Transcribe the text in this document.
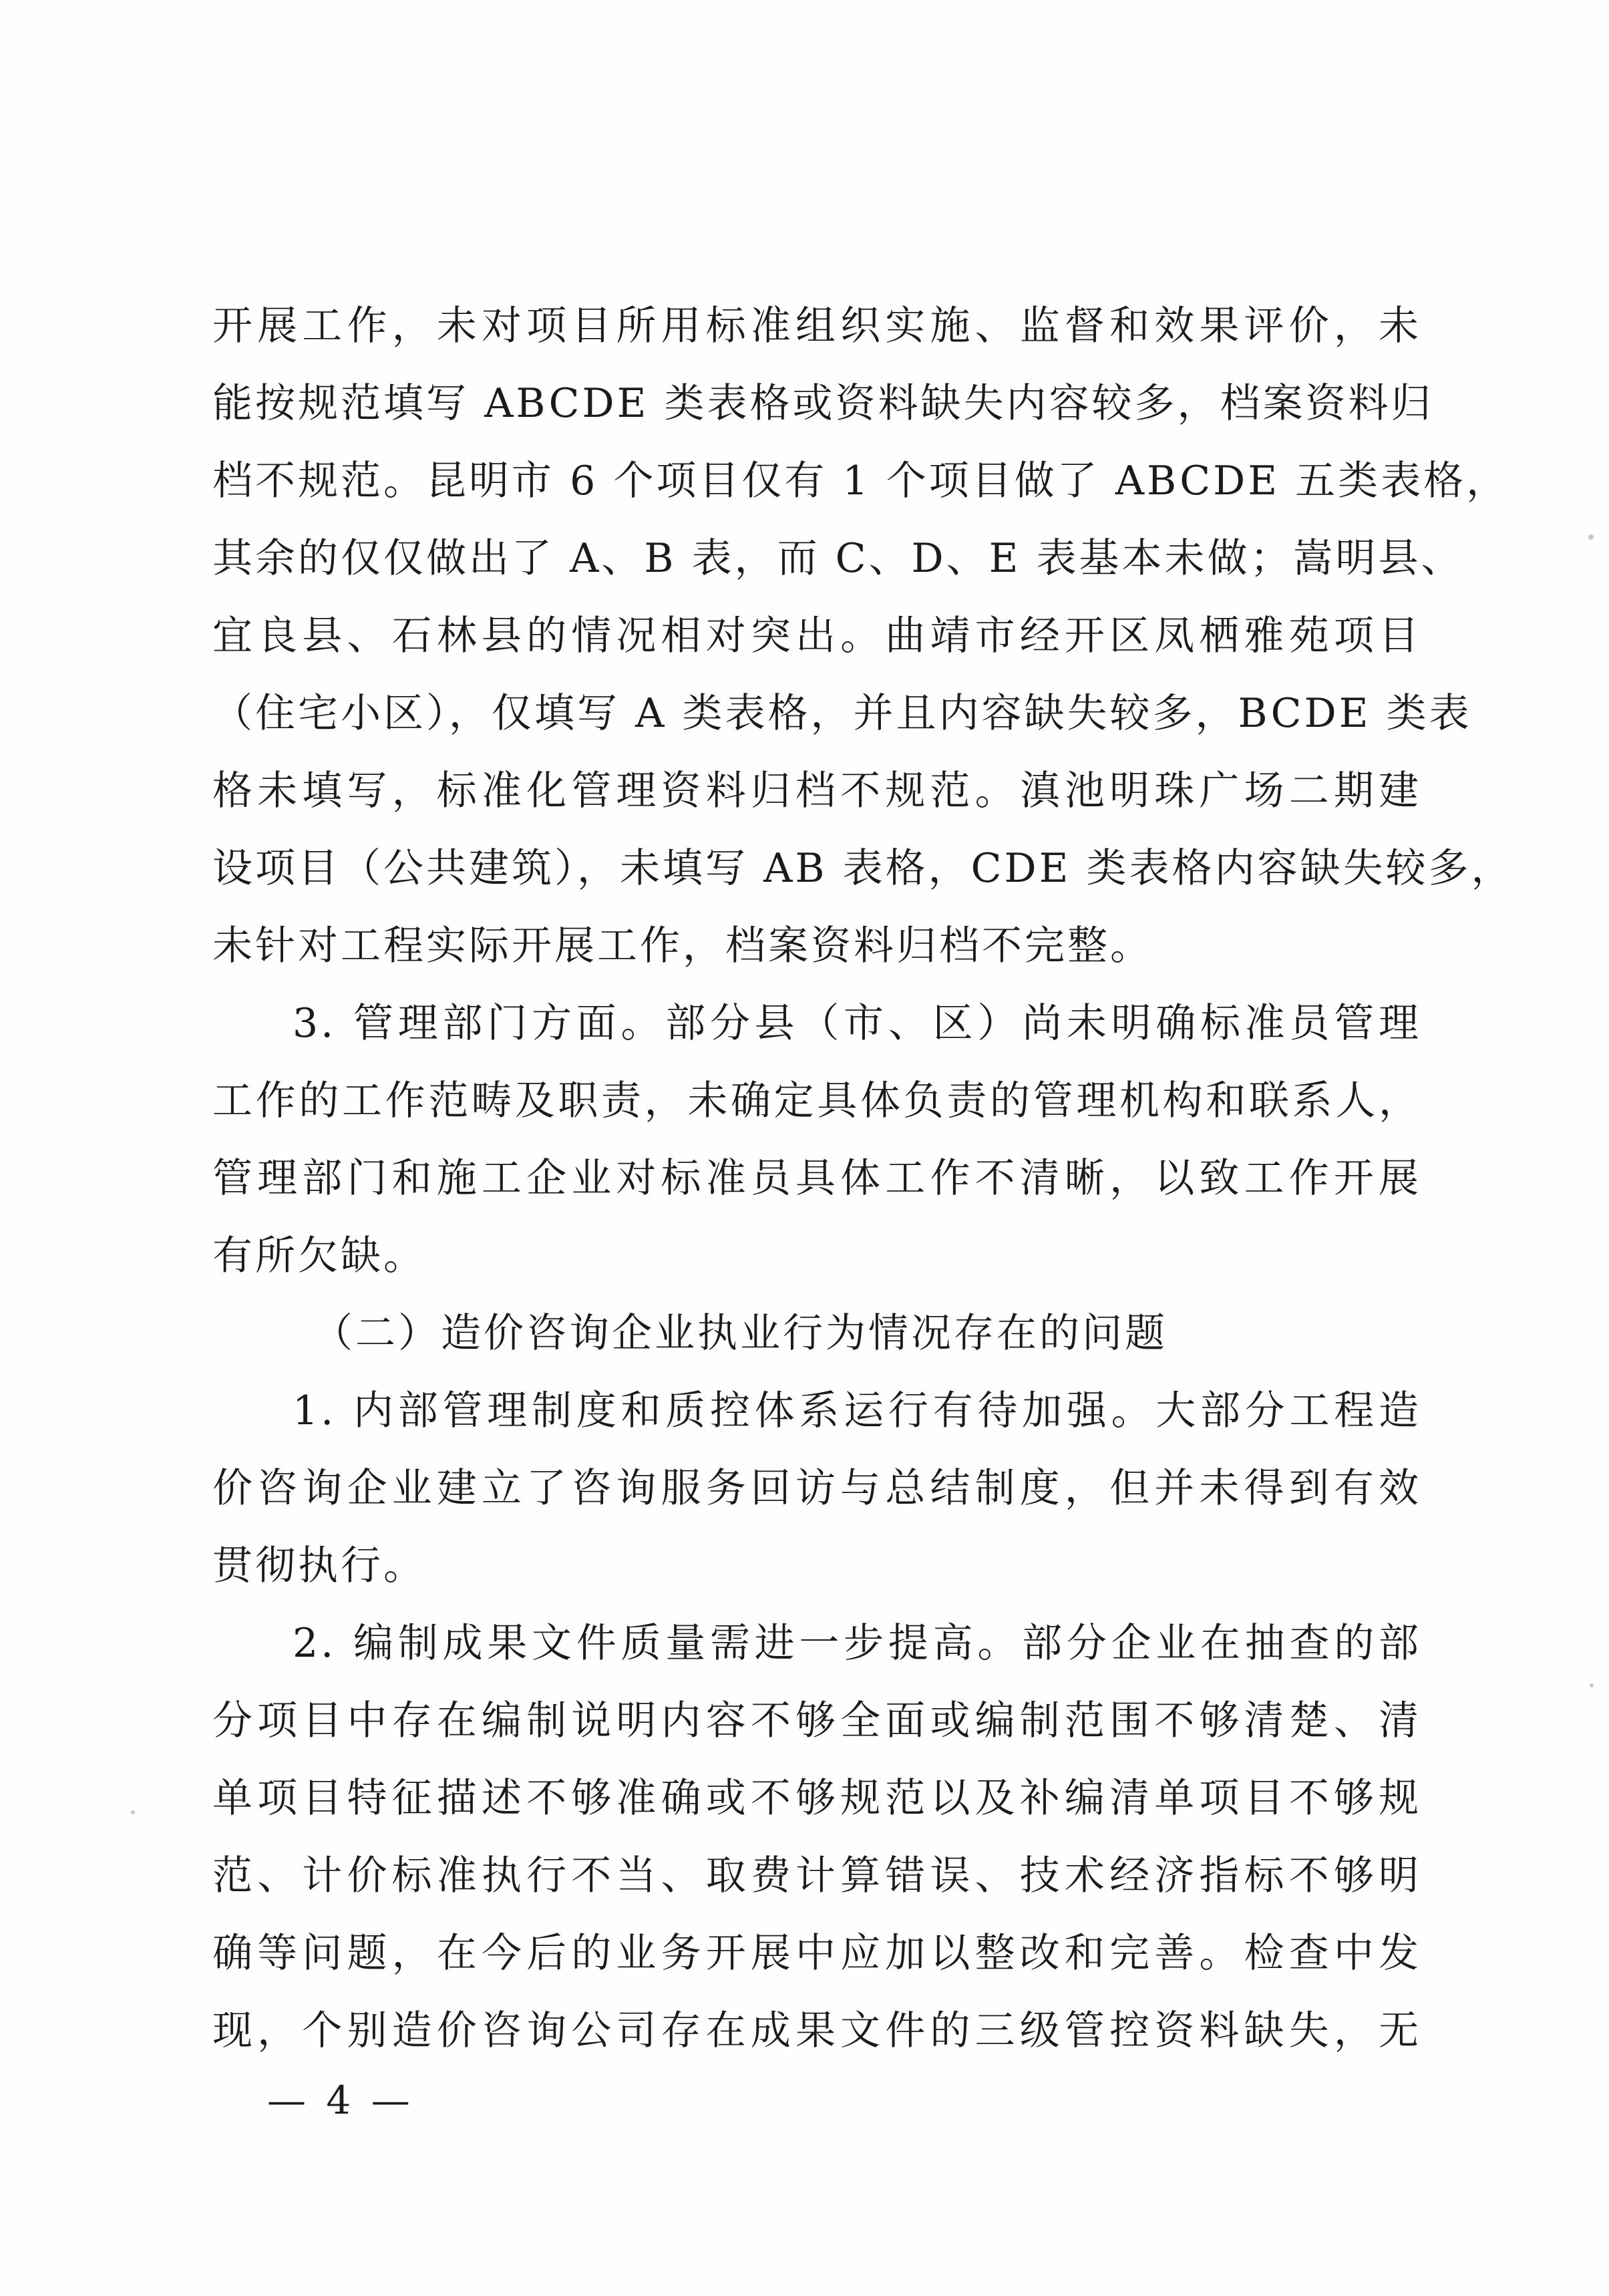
开展工作，未对项目所用标准组织实施、监督和效果评价，未
能按规范填写 ABCDE 类表格或资料缺失内容较多，档案资料归
档不规范。昆明市 6 个项目仅有 1 个项目做了 ABCDE 五类表格，
其余的仅仅做出了 A、B 表，而 C、D、E 表基本未做；嵩明县、
宜良县、石林县的情况相对突出。曲靖市经开区凤栖雅苑项目
（住宅小区），仅填写 A 类表格，并且内容缺失较多，BCDE 类表
格未填写，标准化管理资料归档不规范。滇池明珠广场二期建
设项目（公共建筑），未填写 AB 表格，CDE 类表格内容缺失较多，
未针对工程实际开展工作，档案资料归档不完整。
3. 管理部门方面。部分县（市、区）尚未明确标准员管理
工作的工作范畴及职责，未确定具体负责的管理机构和联系人，
管理部门和施工企业对标准员具体工作不清晰，以致工作开展
有所欠缺。
（二）造价咨询企业执业行为情况存在的问题
1. 内部管理制度和质控体系运行有待加强。大部分工程造
价咨询企业建立了咨询服务回访与总结制度，但并未得到有效
贯彻执行。
2. 编制成果文件质量需进一步提高。部分企业在抽查的部
分项目中存在编制说明内容不够全面或编制范围不够清楚、清
单项目特征描述不够准确或不够规范以及补编清单项目不够规
范、计价标准执行不当、取费计算错误、技术经济指标不够明
确等问题，在今后的业务开展中应加以整改和完善。检查中发
现，个别造价咨询公司存在成果文件的三级管控资料缺失，无
— 4 —
